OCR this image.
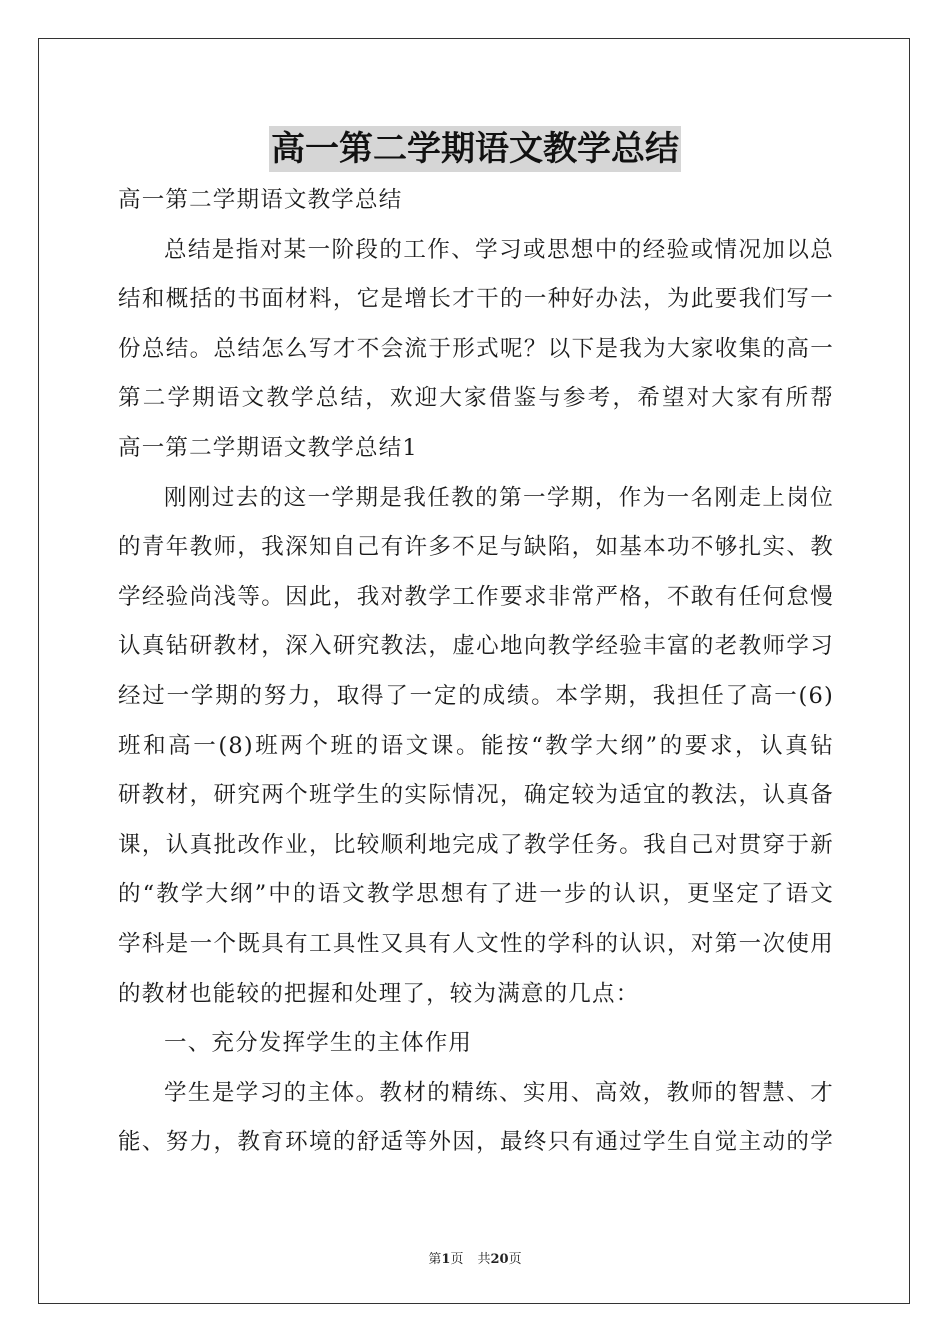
高一第二学期语文教学总结
高一第二学期语文教学总结
总结是指对某一阶段的工作、学习或思想中的经验或情况加以总
结和概括的书面材料，它是增长才干的一种好办法，为此要我们写一
份总结。总结怎么写才不会流于形式呢？以下是我为大家收集的高一
第二学期语文教学总结，欢迎大家借鉴与参考，希望对大家有所帮
高一第二学期语文教学总结1
刚刚过去的这一学期是我任教的第一学期，作为一名刚走上岗位
的青年教师，我深知自己有许多不足与缺陷，如基本功不够扎实、教
学经验尚浅等。因此，我对教学工作要求非常严格，不敢有任何怠慢
认真钻研教材，深入研究教法，虚心地向教学经验丰富的老教师学习
经过一学期的努力，取得了一定的成绩。本学期，我担任了高一(6)
班和高一(8)班两个班的语文课。能按“教学大纲”的要求，认真钻
研教材，研究两个班学生的实际情况，确定较为适宜的教法，认真备
课，认真批改作业，比较顺利地完成了教学任务。我自己对贯穿于新
的“教学大纲”中的语文教学思想有了进一步的认识，更坚定了语文
学科是一个既具有工具性又具有人文性的学科的认识，对第一次使用
的教材也能较的把握和处理了，较为满意的几点：
一、充分发挥学生的主体作用
学生是学习的主体。教材的精练、实用、高效，教师的智慧、才
能、努力，教育环境的舒适等外因，最终只有通过学生自觉主动的学
第1页 共20页
